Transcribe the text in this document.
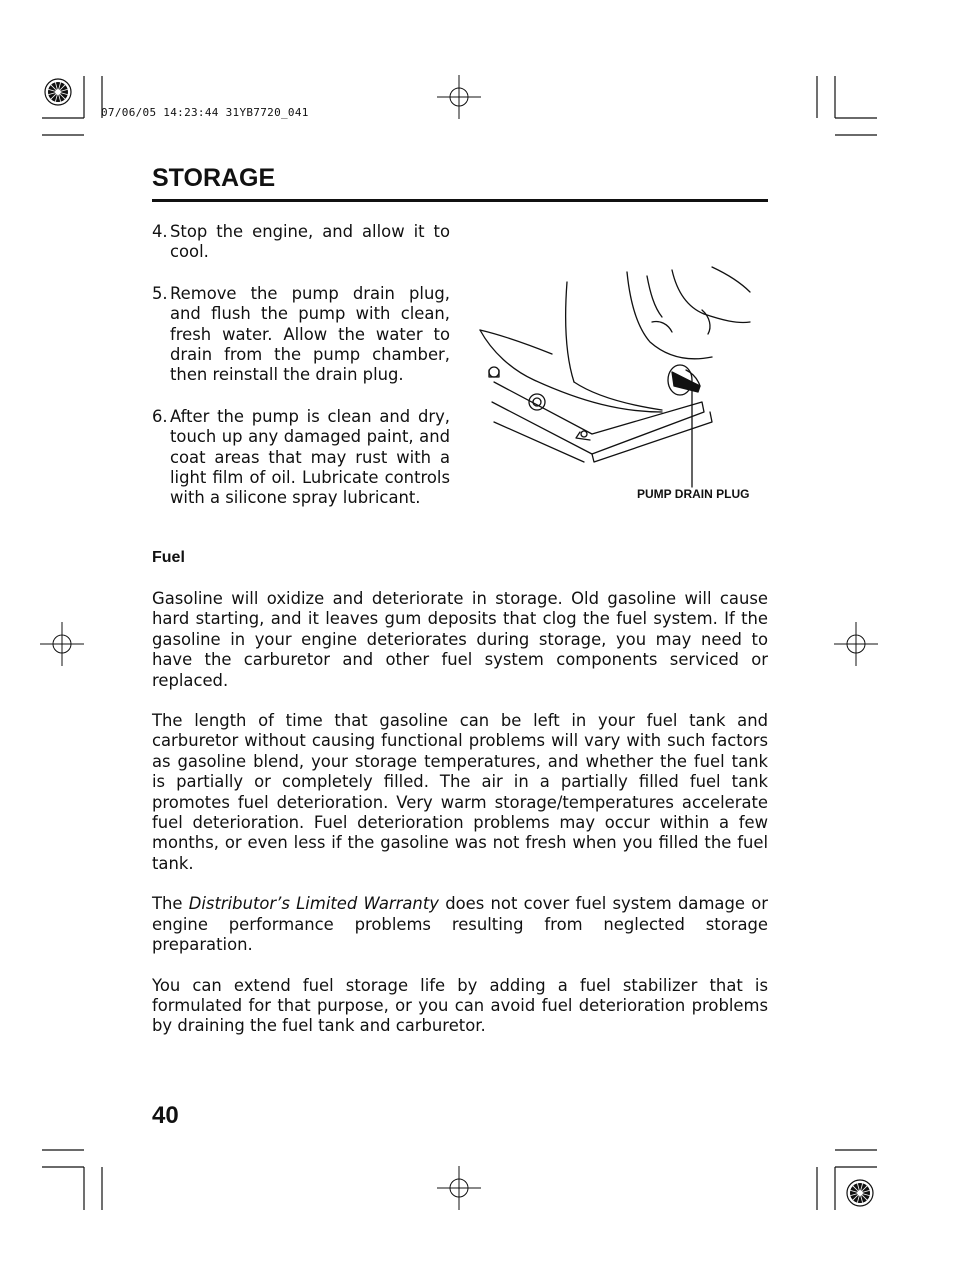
07/06/05 14:23:44 31YB7720_041
STORAGE
4. Stop the engine, and allow it to cool.
5. Remove the pump drain plug, and flush the pump with clean, fresh water. Allow the water to drain from the pump chamber, then reinstall the drain plug.
6. After the pump is clean and dry, touch up any damaged paint, and coat areas that may rust with a light film of oil. Lubricate controls with a silicone spray lubricant.	PUMP DRAIN PLUG
Fuel

Gasoline will oxidize and deteriorate in storage. Old gasoline will cause hard starting, and it leaves gum deposits that clog the fuel system. If the gasoline in your engine deteriorates during storage, you may need to have the carburetor and other fuel system components serviced or replaced.

The length of time that gasoline can be left in your fuel tank and carburetor without causing functional problems will vary with such factors as gasoline blend, your storage temperatures, and whether the fuel tank is partially or completely filled. The air in a partially filled fuel tank promotes fuel deterioration. Very warm storage/temperatures accelerate fuel deterioration. Fuel deterioration problems may occur within a few months, or even less if the gasoline was not fresh when you filled the fuel tank.

The Distributor’s Limited Warranty does not cover fuel system damage or engine performance problems resulting from neglected storage preparation.

You can extend fuel storage life by adding a fuel stabilizer that is formulated for that purpose, or you can avoid fuel deterioration problems by draining the fuel tank and carburetor.

40
